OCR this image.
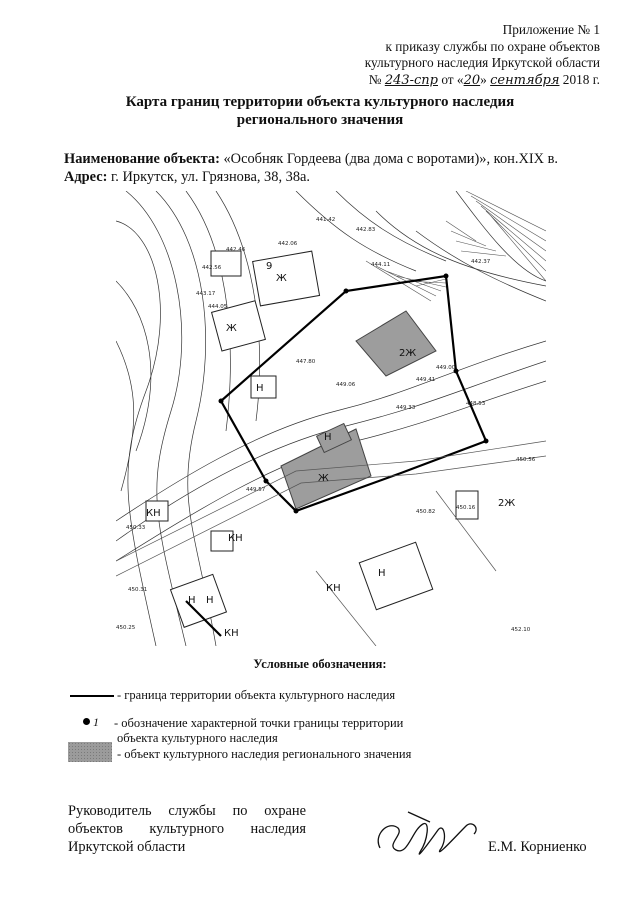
Приложение № 1
к приказу службы по охране объектов
культурного наследия Иркутской области
№ 243-спр от «20» сентября 2018 г.
Карта границ территории объекта культурного наследия
регионального значения
Наименование объекта: «Особняк Гордеева (два дома с воротами)», кон.XIX в.
Адрес: г. Иркутск, ул. Грязнова, 38, 38а.
Ж
Ж
Ж
2Ж
2Ж
Н
Н
Н
Н Н
КН
КН
КН
КН
9
442.06
442.46
442.56
442.37
443.17
444.05
441.42
442.83
444.11
447.80
449.00
449.41
449.57
450.82
450.56
450.16
452.10
449.06
449.33
448.53
450.33
450.25
450.31
Условные обозначения:
- граница территории объекта культурного наследия
1 - обозначение характерной точки границы территории
объекта культурного наследия
- объект культурного наследия регионального значения
Руководитель службы по охране
объектов культурного наследия
Иркутской области	Е.М. Корниенко
